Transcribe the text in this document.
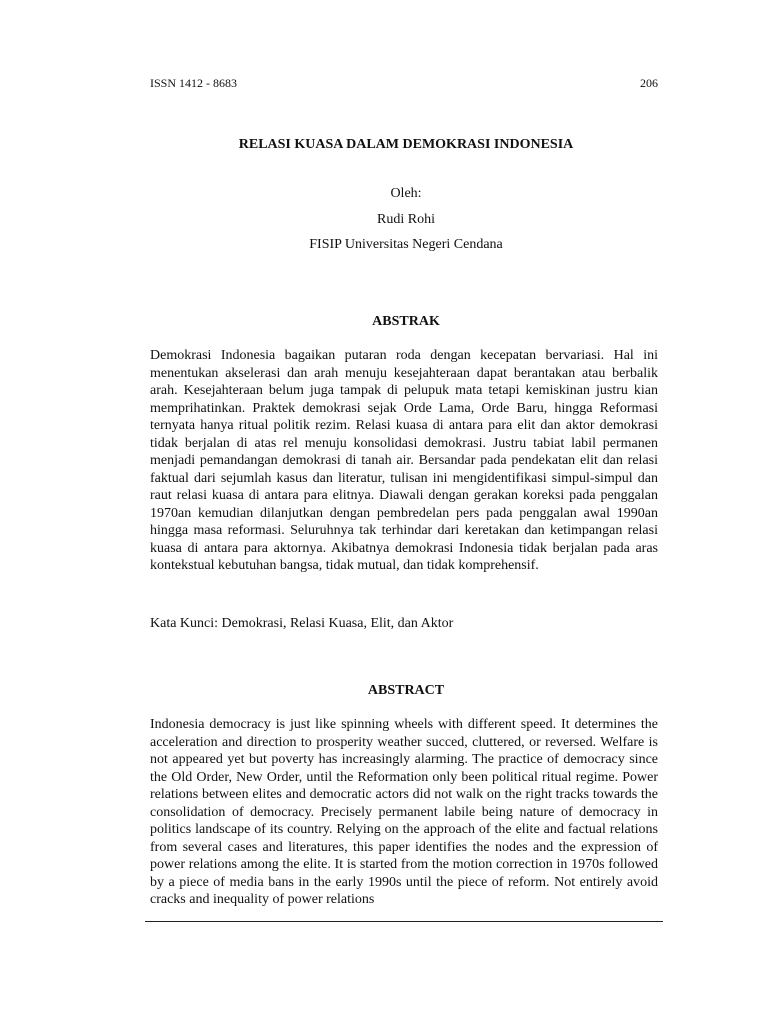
ISSN 1412 - 8683	206
RELASI KUASA DALAM DEMOKRASI INDONESIA
Oleh:
Rudi Rohi
FISIP Universitas Negeri Cendana
ABSTRAK

Demokrasi Indonesia bagaikan putaran roda dengan kecepatan bervariasi. Hal ini menentukan akselerasi dan arah menuju kesejahteraan dapat berantakan atau berbalik arah. Kesejahteraan belum juga tampak di pelupuk mata tetapi kemiskinan justru kian memprihatinkan. Praktek demokrasi sejak Orde Lama, Orde Baru, hingga Reformasi ternyata hanya ritual politik rezim. Relasi kuasa di antara para elit dan aktor demokrasi tidak berjalan di atas rel menuju konsolidasi demokrasi. Justru tabiat labil permanen menjadi pemandangan demokrasi di tanah air. Bersandar pada pendekatan elit dan relasi faktual dari sejumlah kasus dan literatur, tulisan ini mengidentifikasi simpul-simpul dan raut relasi kuasa di antara para elitnya. Diawali dengan gerakan koreksi pada penggalan 1970an kemudian dilanjutkan dengan pembredelan pers pada penggalan awal 1990an hingga masa reformasi. Seluruhnya tak terhindar dari keretakan dan ketimpangan relasi kuasa di antara para aktornya. Akibatnya demokrasi Indonesia tidak berjalan pada aras kontekstual kebutuhan bangsa, tidak mutual, dan tidak komprehensif.

Kata Kunci: Demokrasi, Relasi Kuasa, Elit, dan Aktor

ABSTRACT

Indonesia democracy is just like spinning wheels with different speed. It determines the acceleration and direction to prosperity weather succed, cluttered, or reversed. Welfare is not appeared yet but poverty has increasingly alarming. The practice of democracy since the Old Order, New Order, until the Reformation only been political ritual regime. Power relations between elites and democratic actors did not walk on the right tracks towards the consolidation of democracy. Precisely permanent labile being nature of democracy in politics landscape of its country. Relying on the approach of the elite and factual relations from several cases and literatures, this paper identifies the nodes and the expression of power relations among the elite. It is started from the motion correction in 1970s followed by a piece of media bans in the early 1990s until the piece of reform. Not entirely avoid cracks and inequality of power relations
